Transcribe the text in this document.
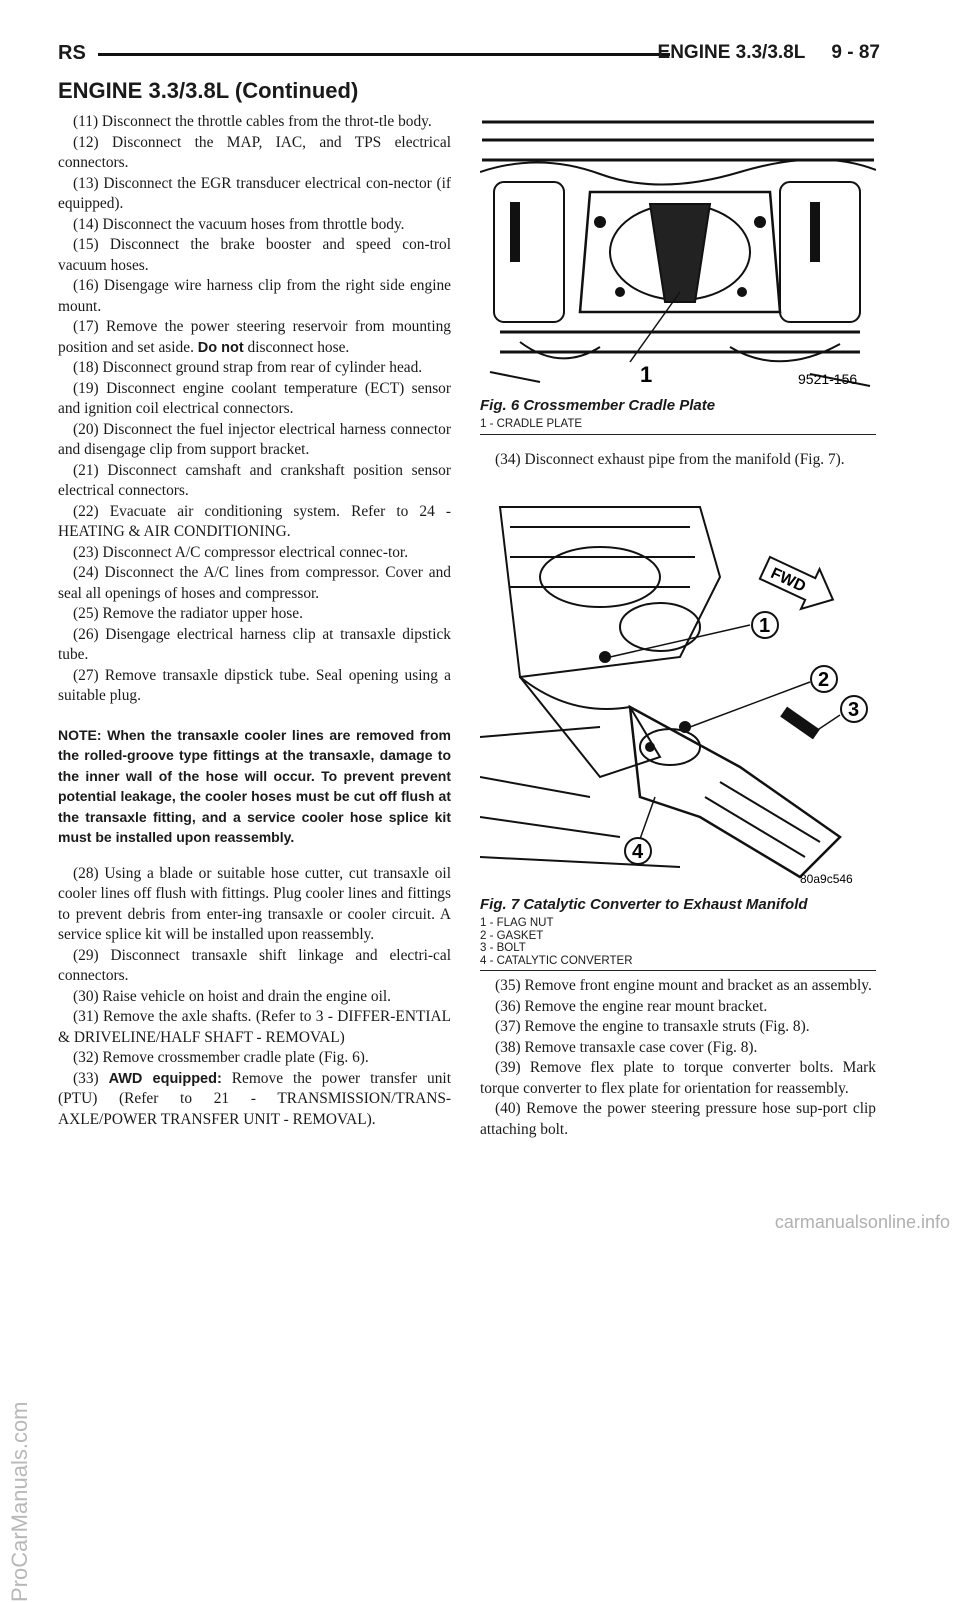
ProCarManuals.com
RS	ENGINE 3.3/3.8L     9 - 87
ENGINE 3.3/3.8L (Continued)

(11) Disconnect the throttle cables from the throt-tle body.

(12) Disconnect the MAP, IAC, and TPS electrical connectors.

(13) Disconnect the EGR transducer electrical con-nector (if equipped).

(14) Disconnect the vacuum hoses from throttle body.

(15) Disconnect the brake booster and speed con-trol vacuum hoses.

(16) Disengage wire harness clip from the right side engine mount.

(17) Remove the power steering reservoir from mounting position and set aside. Do not disconnect hose.

(18) Disconnect ground strap from rear of cylinder head.

(19) Disconnect engine coolant temperature (ECT) sensor and ignition coil electrical connectors.

(20) Disconnect the fuel injector electrical harness connector and disengage clip from support bracket.

(21) Disconnect camshaft and crankshaft position sensor electrical connectors.

(22) Evacuate air conditioning system. Refer to 24 - HEATING & AIR CONDITIONING.

(23) Disconnect A/C compressor electrical connec-tor.

(24) Disconnect the A/C lines from compressor. Cover and seal all openings of hoses and compressor.

(25) Remove the radiator upper hose.

(26) Disengage electrical harness clip at transaxle dipstick tube.

(27) Remove transaxle dipstick tube. Seal opening using a suitable plug.

NOTE: When the transaxle cooler lines are removed from the rolled-groove type fittings at the transaxle, damage to the inner wall of the hose will occur. To prevent prevent potential leakage, the cooler hoses must be cut off flush at the transaxle fitting, and a service cooler hose splice kit must be installed upon reassembly.

(28) Using a blade or suitable hose cutter, cut transaxle oil cooler lines off flush with fittings. Plug cooler lines and fittings to prevent debris from enter-ing transaxle or cooler circuit. A service splice kit will be installed upon reassembly.

(29) Disconnect transaxle shift linkage and electri-cal connectors.

(30) Raise vehicle on hoist and drain the engine oil.

(31) Remove the axle shafts. (Refer to 3 - DIFFER-ENTIAL & DRIVELINE/HALF SHAFT - REMOVAL)

(32) Remove crossmember cradle plate (Fig. 6).

(33) AWD equipped: Remove the power transfer unit (PTU) (Refer to 21 - TRANSMISSION/TRANS-AXLE/POWER TRANSFER UNIT - REMOVAL).

1	9521-156
Fig. 6 Crossmember Cradle Plate
1 - CRADLE PLATE

(34) Disconnect exhaust pipe from the manifold (Fig. 7).

FWD
1
2
3
4
80a9c546
Fig. 7 Catalytic Converter to Exhaust Manifold
1 - FLAG NUT
2 - GASKET
3 - BOLT
4 - CATALYTIC CONVERTER

(35) Remove front engine mount and bracket as an assembly.

(36) Remove the engine rear mount bracket.

(37) Remove the engine to transaxle struts (Fig. 8).

(38) Remove transaxle case cover (Fig. 8).

(39) Remove flex plate to torque converter bolts. Mark torque converter to flex plate for orientation for reassembly.

(40) Remove the power steering pressure hose sup-port clip attaching bolt.

carmanualsonline.info
